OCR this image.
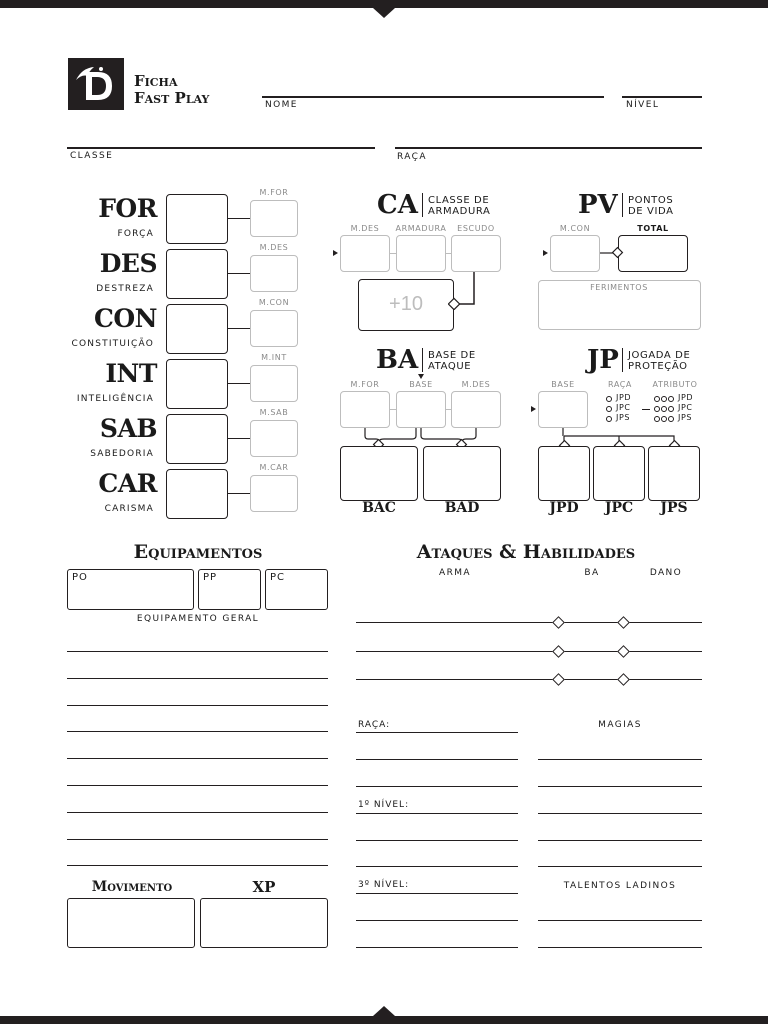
Ficha
Fast Play	NOME	NÍVEL
CLASSE	RAÇA
FOR
FORÇA
M.FOR
DES
DESTREZA
M.DES
CON
CONSTITUIÇÃO
M.CON
INT
INTELIGÊNCIA
M.INT
SAB
SABEDORIA
M.SAB
CAR
CARISMA
M.CAR
CA CLASSE DE
ARMADURA
M.DES	ARMADURA	ESCUDO
+10
PV PONTOS
DE VIDA
M.CON	TOTAL
FERIMENTOS
BA BASE DE
ATAQUE
M.FOR	BASE	M.DES
BAC	BAD
JP JOGADA DE
PROTEÇÃO
BASE	RAÇA	ATRIBUTO
JPD	JPD
JPC	JPC
JPS	JPS
JPD	JPC	JPS
Equipamentos
PO	PP	PC
EQUIPAMENTO GERAL
Movimento	XP
Ataques & Habilidades
ARMA	BA	DANO
RAÇA:
1º NÍVEL:
3º NÍVEL:
MAGIAS
TALENTOS LADINOS
